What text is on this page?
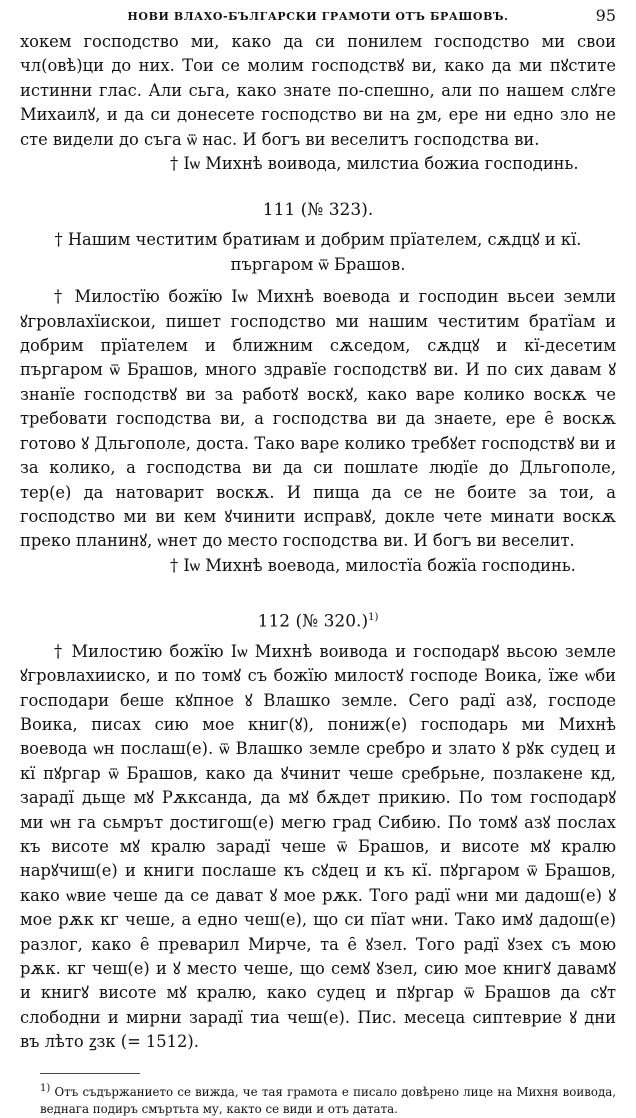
НОВИ ВЛАХО-БЪЛГАРСКИ ГРАМОТИ ОТЪ БРАШОВЪ.	95

хокем господство ми, како да си понилем господство ми свои чл(овѣ)ци до них. Тои се молим господствꙋ ви, како да ми пꙋстите истинни глас. Али сьга, како знате по-спешно, али по нашем слꙋге Михаилꙋ, и да си донесете господство ви на ꙁм, ере ни едно зло не сте видели до съга ѿ нас. И богъ ви веселитъ господства ви.

† Iѡ Михнѣ воивода, милстиа божиа господинь.

111 (№ 323).

† Нашим честитим братиꙗм и добрим прїателем, сѫдцꙋ и кї. пъргаром ѿ Брашов.

† Милостїю божїю Iѡ Михнѣ воевода и господин вьсеи земли ꙋгровлахїискои, пишет господство ми нашим честитим братїам и добрим прїателем и ближним сѫседом, сѫдцꙋ и кї-десетим пъргаром ѿ Брашов, много здравїе господствꙋ ви. И по сих давам ꙋ знанїе господствꙋ ви за работꙋ воскꙋ, како варе колико воскѫ че требовати господства ви, а господства ви да знаете, ере е̑ воскѫ готово ꙋ Дльгополе, доста. Тако варе колико требꙋет господствꙋ ви и за колико, а господства ви да си пошлате людїе до Дльгополе, тер(е) да натоварит воскѫ. И пища да се не боите за тои, а господство ми ви кем ꙋчинити исправꙋ, докле чете минати воскѫ преко планинꙋ, ѡнет до место господства ви. И богъ ви веселит.

† Iѡ Михнѣ воевода, милостїа божїа господинь.

112 (№ 320.)$^{1)}$

† Милостию божїю Iѡ Михнѣ воивода и господарꙋ вьсою земле ꙋгровлахиискo, и по томꙋ съ божїю милостꙋ господе Воика, їже ѡби господари беше кꙋпное ꙋ Влашко земле. Сего радї азꙋ, господе Воика, писах сию мое книг(ꙋ), пониж(е) господарь ми Михнѣ воевода ѡн послаш(е). ѿ Влашко земле сребро и злато ꙋ рꙋк судец и кї пꙋргар ѿ Брашов, како да ꙋчинит чеше сребрьне, позлакене кд, зарадї дьще мꙋ Рѫксанда, да мꙋ бѫдет прикию. По том господарꙋ ми ѡн га сьмрът достигош(е) мегю град Сибию. По томꙋ азꙋ послах къ висоте мꙋ кралю зарадї чеше ѿ Брашов, и висоте мꙋ кралю нарꙋчиш(е) и книги послаше къ сꙋдец и къ кї. пꙋргаром ѿ Брашов, како ѡвие чеше да се дават ꙋ мое рѫк. Того радї ѡни ми дадош(е) ꙋ мое рѫк кг чеше, а едно чеш(е), що си пїат ѡни. Тако имꙋ дадош(е) разлог, како е̑ преварил Мирче, та е̑ ꙋзел. Того радї ꙋзех съ мою рѫк. кг чеш(е) и ꙋ место чеше, що семꙋ ꙋзел, сию мое книгꙋ давамꙋ и книгꙋ висоте мꙋ кралю, како судец и пꙋргар ѿ Брашов да сꙋт слободни и мирни зарадї тиа чеш(е). Пис. месеца сиптеврие ꙋ дни въ лѣто ꙁзк (= 1512).

$^{1)}$ Отъ съдържанието се вижда, че тая грамота е писало довѣрено лице на Михня воивода, веднага подиръ смъртьта му, както се види и отъ датата.
